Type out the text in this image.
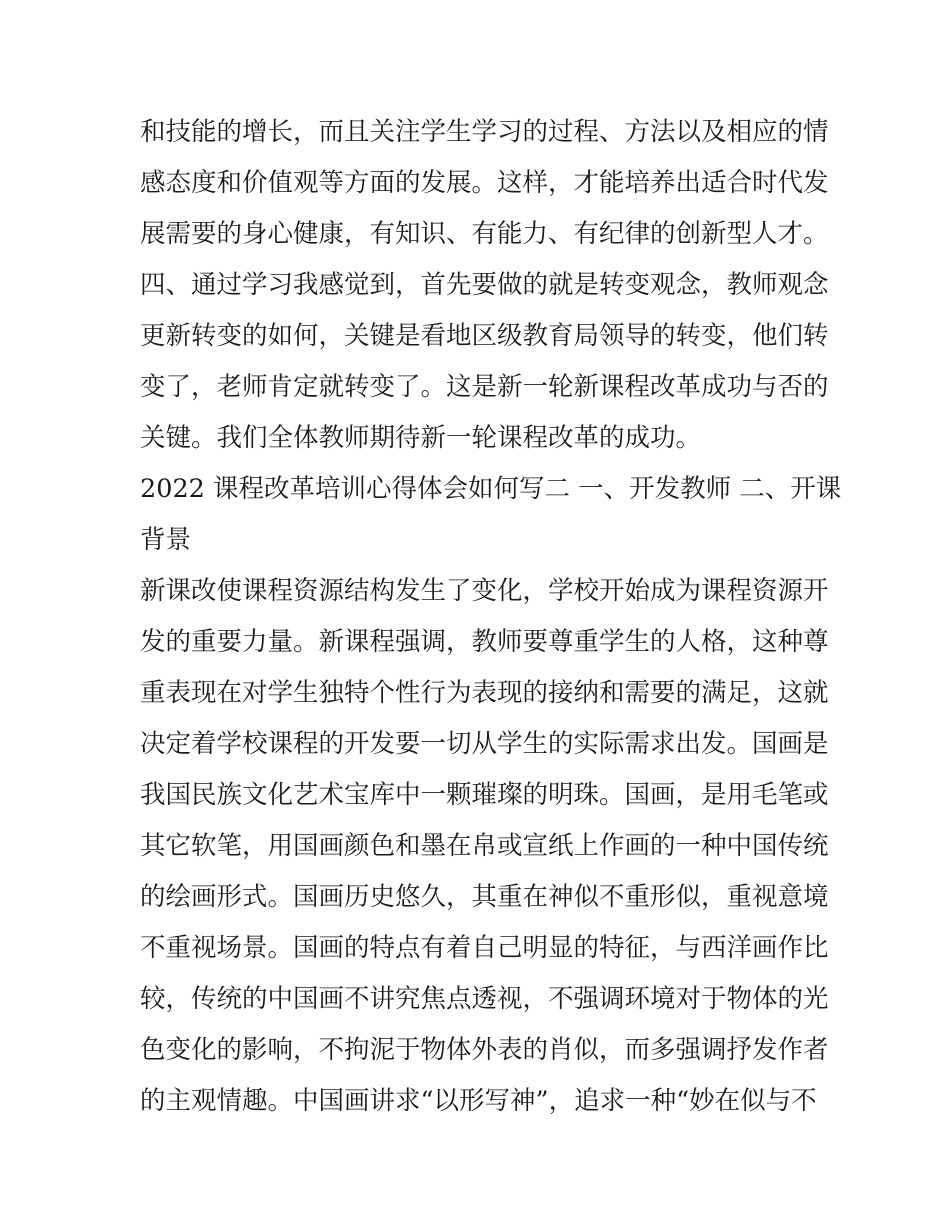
和技能的增长，而且关注学生学习的过程、方法以及相应的情
感态度和价值观等方面的发展。这样，才能培养出适合时代发
展需要的身心健康，有知识、有能力、有纪律的创新型人才。
四、通过学习我感觉到，首先要做的就是转变观念，教师观念
更新转变的如何，关键是看地区级教育局领导的转变，他们转
变了，老师肯定就转变了。这是新一轮新课程改革成功与否的
关键。我们全体教师期待新一轮课程改革的成功。
2022 课程改革培训心得体会如何写二 一、开发教师 二、开课
背景
新课改使课程资源结构发生了变化，学校开始成为课程资源开
发的重要力量。新课程强调，教师要尊重学生的人格，这种尊
重表现在对学生独特个性行为表现的接纳和需要的满足，这就
决定着学校课程的开发要一切从学生的实际需求出发。国画是
我国民族文化艺术宝库中一颗璀璨的明珠。国画，是用毛笔或
其它软笔，用国画颜色和墨在帛或宣纸上作画的一种中国传统
的绘画形式。国画历史悠久，其重在神似不重形似，重视意境
不重视场景。国画的特点有着自己明显的特征，与西洋画作比
较，传统的中国画不讲究焦点透视，不强调环境对于物体的光
色变化的影响，不拘泥于物体外表的肖似，而多强调抒发作者
的主观情趣。中国画讲求“以形写神”，追求一种“妙在似与不
